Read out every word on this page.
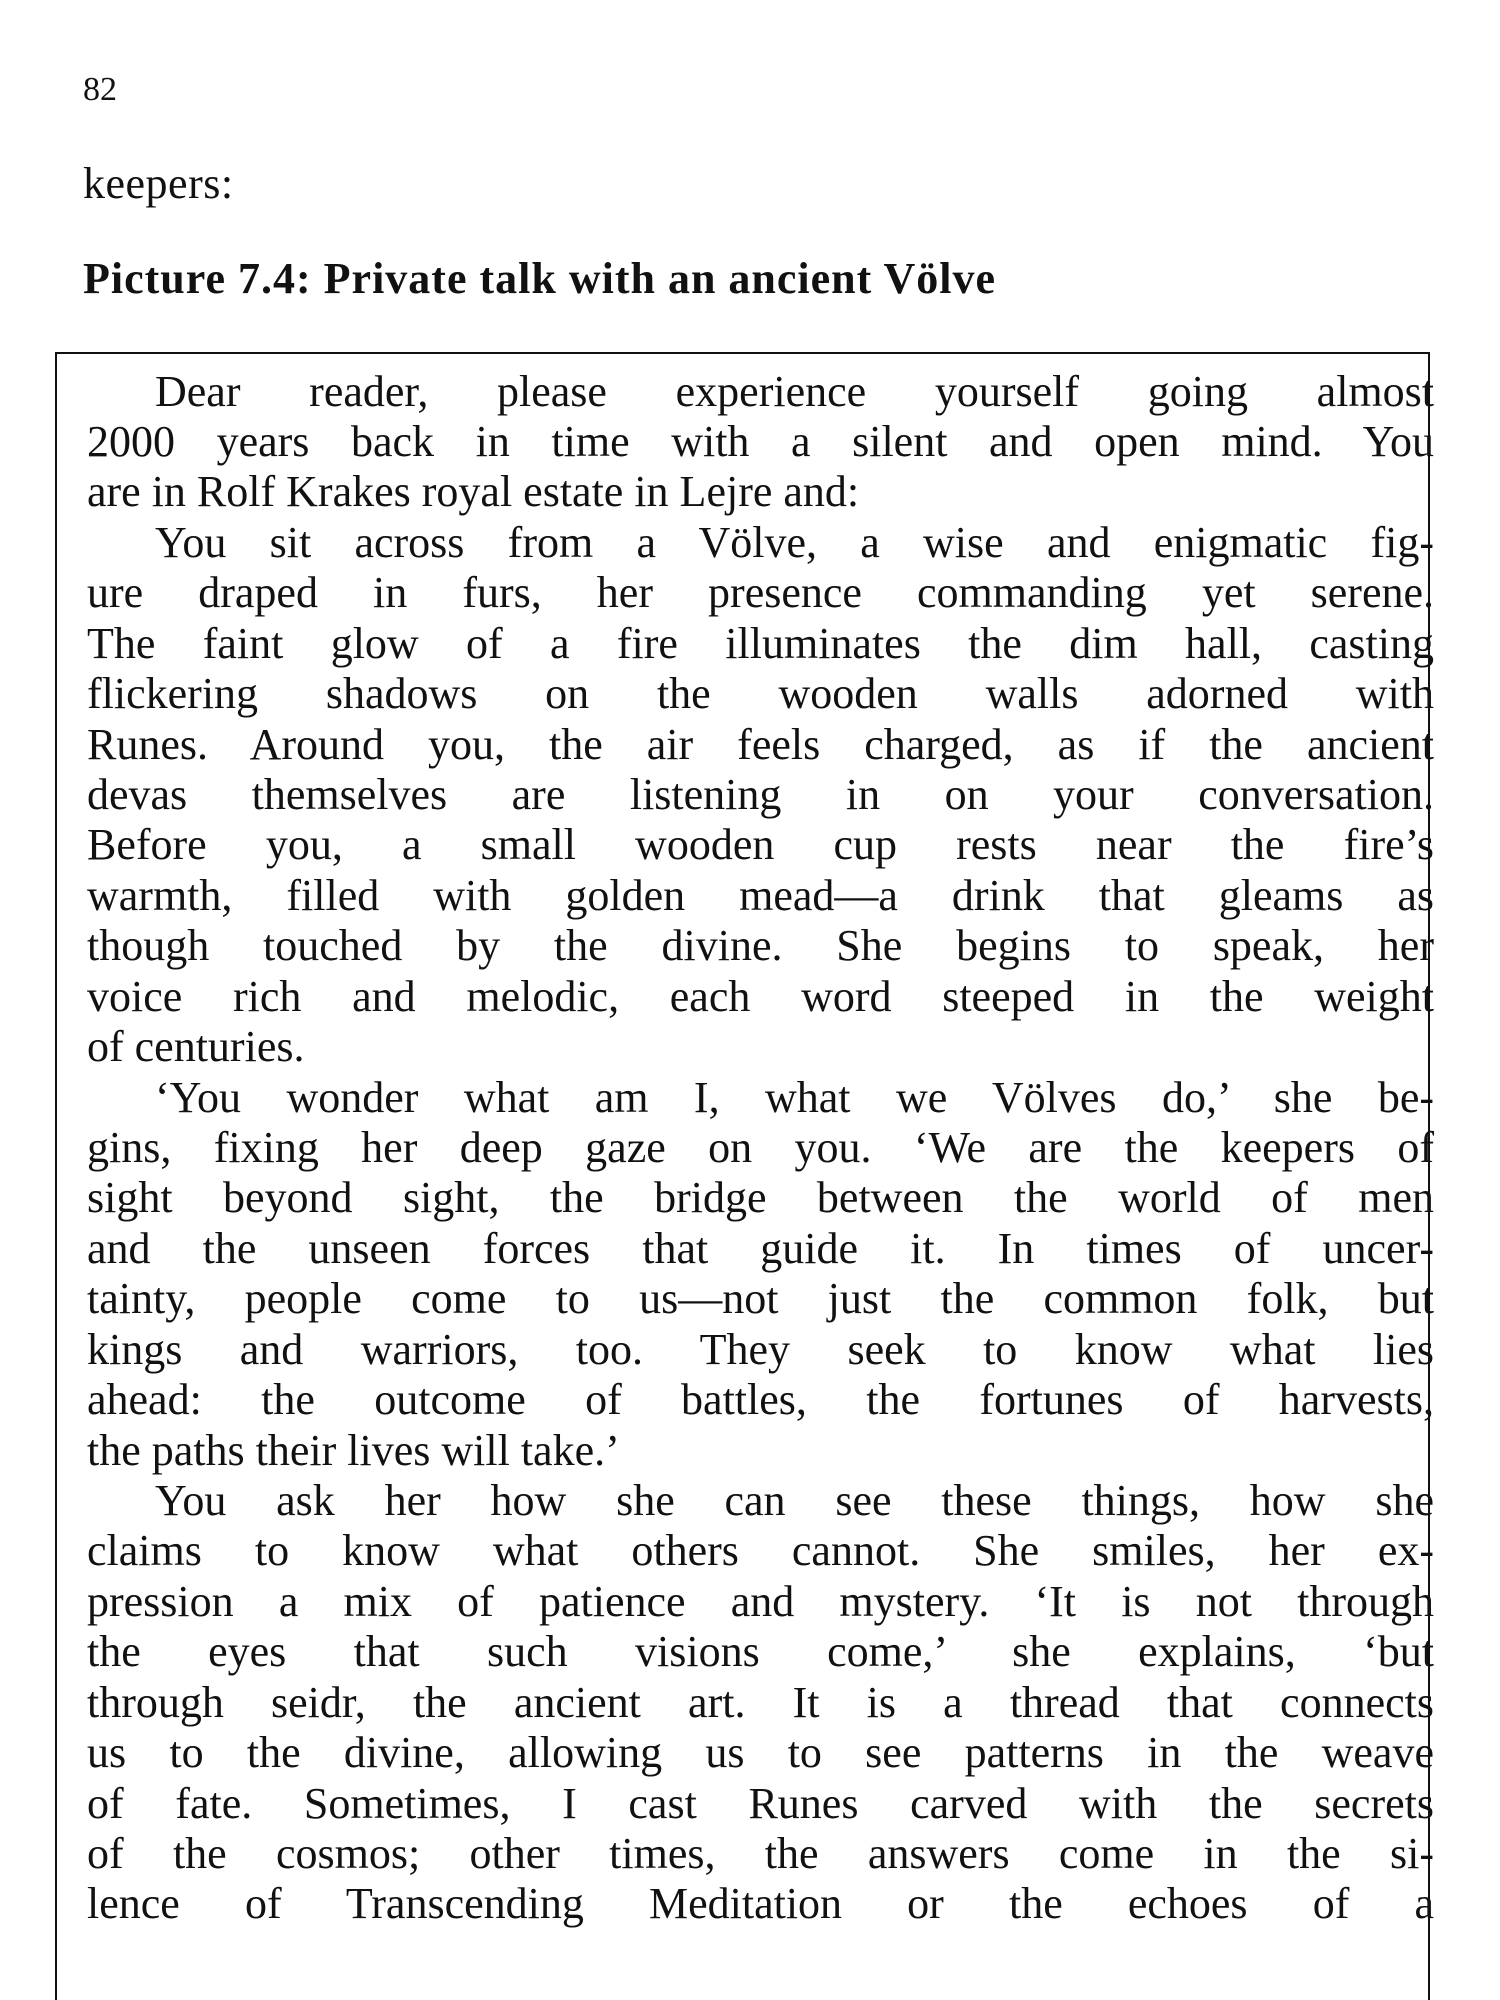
82
keepers:
Picture 7.4: Private talk with an ancient Völve
Dear reader, please experience yourself going almost
2000 years back in time with a silent and open mind. You
are in Rolf Krakes royal estate in Lejre and:
You sit across from a Völve, a wise and enigmatic fig-
ure draped in furs, her presence commanding yet serene.
The faint glow of a fire illuminates the dim hall, casting
flickering shadows on the wooden walls adorned with
Runes. Around you, the air feels charged, as if the ancient
devas themselves are listening in on your conversation.
Before you, a small wooden cup rests near the fire’s
warmth, filled with golden mead—a drink that gleams as
though touched by the divine. She begins to speak, her
voice rich and melodic, each word steeped in the weight
of centuries.
‘You wonder what am I, what we Völves do,’ she be-
gins, fixing her deep gaze on you. ‘We are the keepers of
sight beyond sight, the bridge between the world of men
and the unseen forces that guide it. In times of uncer-
tainty, people come to us—not just the common folk, but
kings and warriors, too. They seek to know what lies
ahead: the outcome of battles, the fortunes of harvests,
the paths their lives will take.’
You ask her how she can see these things, how she
claims to know what others cannot. She smiles, her ex-
pression a mix of patience and mystery. ‘It is not through
the eyes that such visions come,’ she explains, ‘but
through seidr, the ancient art. It is a thread that connects
us to the divine, allowing us to see patterns in the weave
of fate. Sometimes, I cast Runes carved with the secrets
of the cosmos; other times, the answers come in the si-
lence of Transcending Meditation or the echoes of a
